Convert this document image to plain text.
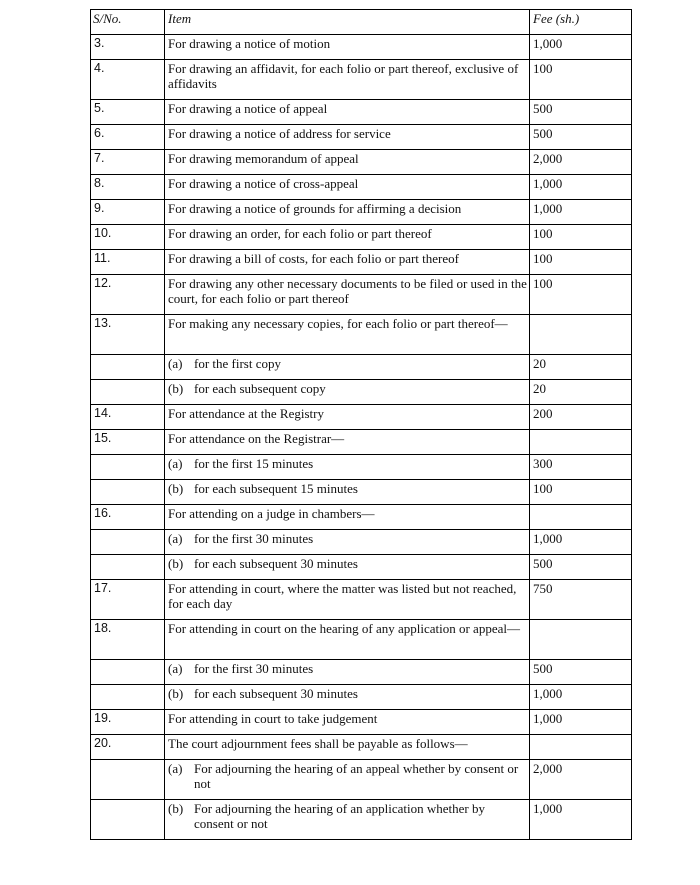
S/No.	Item	Fee (sh.)
3.	For drawing a notice of motion	1,000
4.	For drawing an affidavit, for each folio or part thereof, exclusive of affidavits	100
5.	For drawing a notice of appeal	500
6.	For drawing a notice of address for service	500
7.	For drawing memorandum of appeal	2,000
8.	For drawing a notice of cross-appeal	1,000
9.	For drawing a notice of grounds for affirming a decision	1,000
10.	For drawing an order, for each folio or part thereof	100
11.	For drawing a bill of costs, for each folio or part thereof	100
12.	For drawing any other necessary documents to be filed or used in the court, for each folio or part thereof	100
13.	For making any necessary copies, for each folio or part thereof—	
	(a) for the first copy	20
	(b) for each subsequent copy	20
14.	For attendance at the Registry	200
15.	For attendance on the Registrar—	
	(a) for the first 15 minutes	300
	(b) for each subsequent 15 minutes	100
16.	For attending on a judge in chambers—	
	(a) for the first 30 minutes	1,000
	(b) for each subsequent 30 minutes	500
17.	For attending in court, where the matter was listed but not reached, for each day	750
18.	For attending in court on the hearing of any application or appeal—	
	(a) for the first 30 minutes	500
	(b) for each subsequent 30 minutes	1,000
19.	For attending in court to take judgement	1,000
20.	The court adjournment fees shall be payable as follows—	

	(a) For adjourning the hearing of an appeal whether by consent or not	2,000

	(b) For adjourning the hearing of an application whether by consent or not	1,000
